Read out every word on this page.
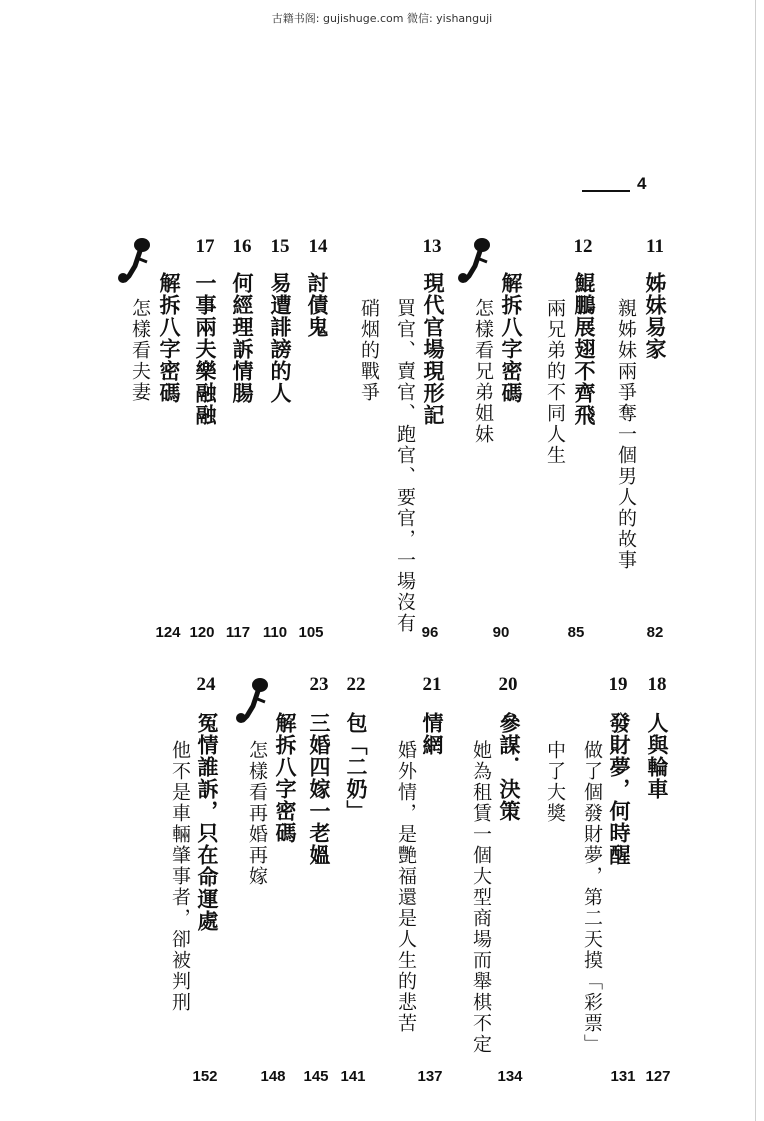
古籍书阁: gujishuge.com 微信: yishanguji
4
11
姊妹易家
親姊妹兩爭奪一個男人的故事
82
12
鯤鵬展翅不齊飛
兩兄弟的不同人生
85
解拆八字密碼
怎樣看兄弟姐妹
90
13
現代官場現形記
買官、賣官、跑官、要官，一場沒有
硝烟的戰爭
96
14
討債鬼
105
15
易遭誹謗的人
110
16
何經理訴情腸
117
17
一事兩夫樂融融
120
解拆八字密碼
怎樣看夫妻
124
18
人與輪車
127
19
發財夢，何時醒
做了個發財夢，第二天摸「彩票」
131
中了大獎
20
參謀．決策
她為租賃一個大型商場而舉棋不定
134
21
情網
婚外情，是艷福還是人生的悲苦
137
22
包「二奶」
141
23
三婚四嫁一老媼
145
解拆八字密碼
怎樣看再婚再嫁
148
24
冤情誰訴，只在命運處
他不是車輛肇事者，卻被判刑
152
